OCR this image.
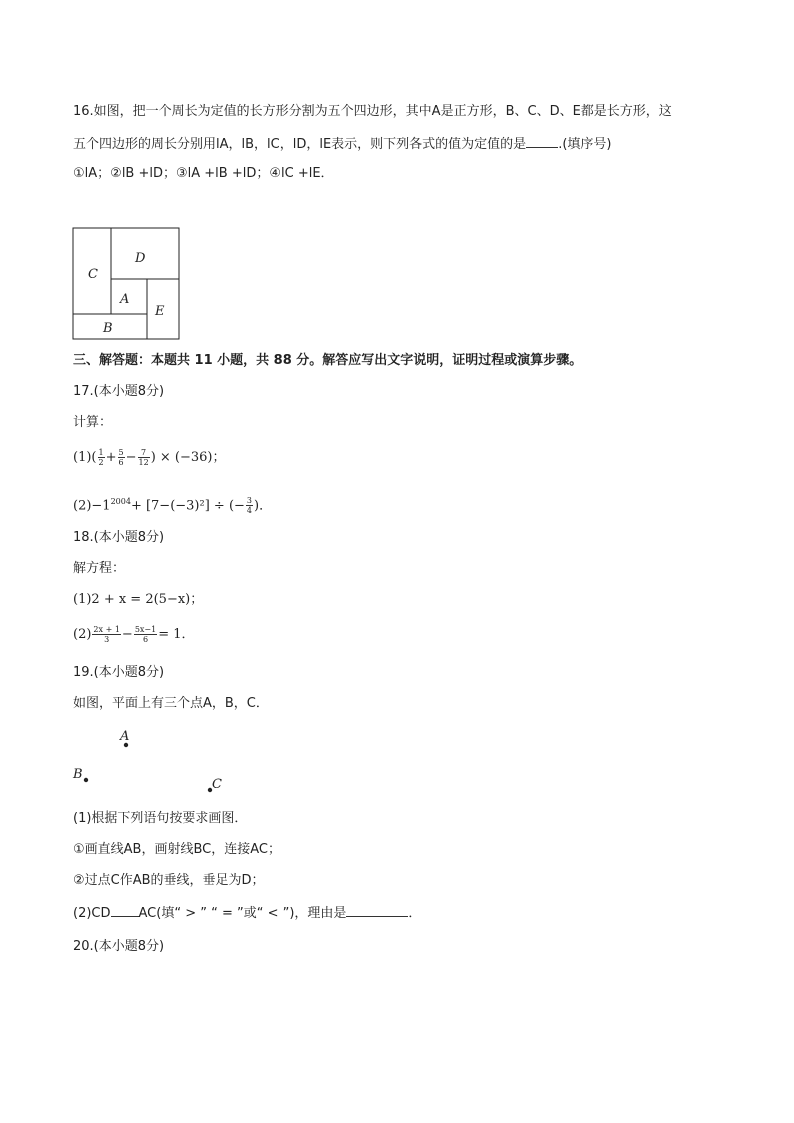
16.如图，把一个周长为定值的长方形分割为五个四边形，其中A是正方形，B、C、D、E都是长方形，这
五个四边形的周长分别用lA，lB，lC，lD，lE表示，则下列各式的值为定值的是 .(填序号)
①lA；②lB +lD；③lA +lB +lD；④lC +lE．
C
D
A
E
B
三、解答题：本题共 11 小题，共 88 分。解答应写出文字说明，证明过程或演算步骤。
17.(本小题8分)
计算：
$(1)( \frac{1}{2} + \frac{5}{6} - \frac{7}{12}$ ) × (−36)；
$(2)-1^{2004}+ [7-(-3)^2]$ ÷ (− $\frac{3}{4}$ )．
18.(本小题8分)
解方程：
(1)2 + x = 2(5−x)；
$(2) \frac{2x + 1}{3} - \frac{5x-1}{6} = 1$．
19.(本小题8分)
如图，平面上有三个点A，B，C．
A
B
C
(1)根据下列语句按要求画图．
①画直线AB，画射线BC，连接AC；
②过点C作AB的垂线，垂足为D；
(2)CD AC(填“ > ” “ = ”或“ < ”)，理由是	．
20.(本小题8分)
